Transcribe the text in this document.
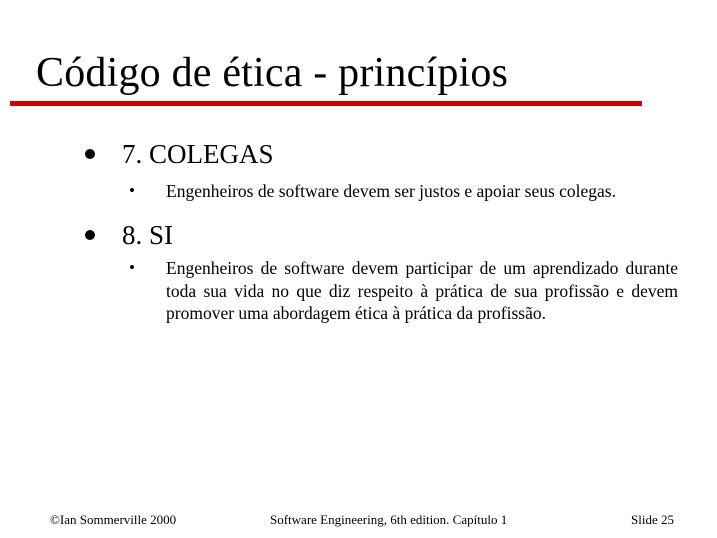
Código de ética - princípios
7. COLEGAS
• Engenheiros de software devem ser justos e apoiar seus colegas.
8. SI
• Engenheiros de software devem participar de um aprendizado durante toda sua vida no que diz respeito à prática de sua profissão e devem promover uma abordagem ética à prática da profissão.
©Ian Sommerville 2000	Software Engineering, 6th edition. Capítulo 1	Slide 25
